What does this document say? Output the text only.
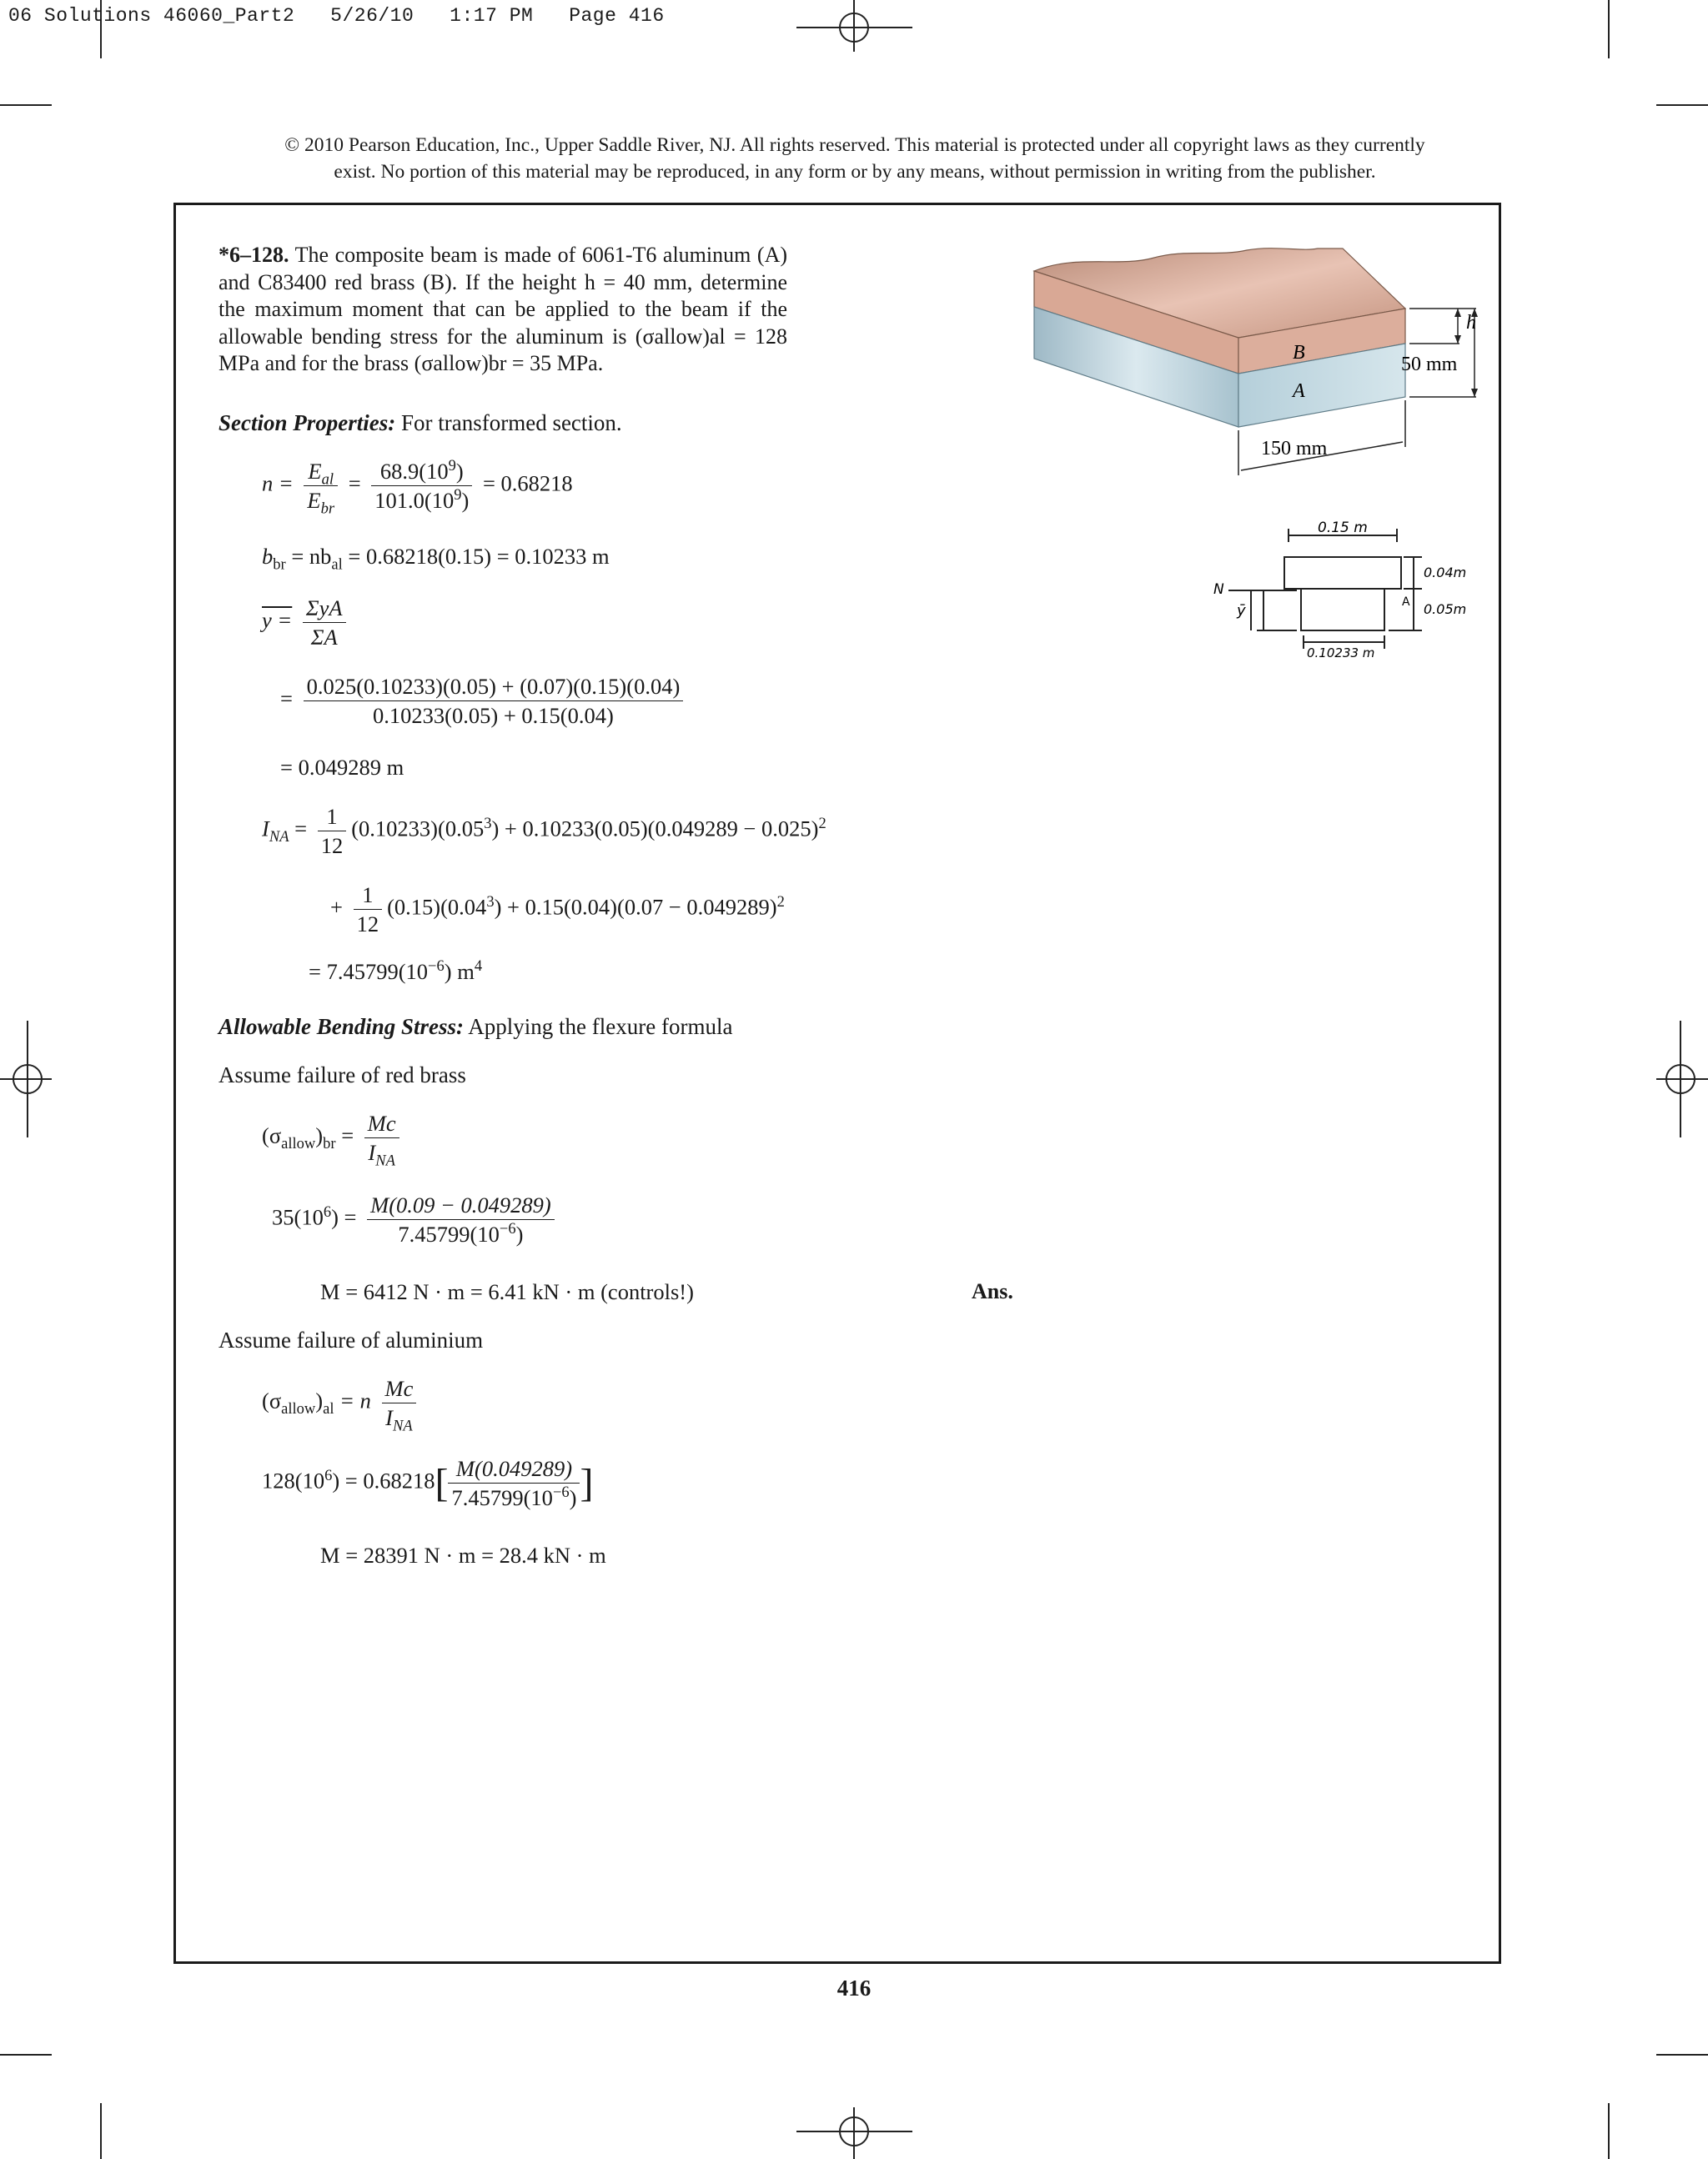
06 Solutions 46060_Part2   5/26/10   1:17 PM   Page 416
© 2010 Pearson Education, Inc., Upper Saddle River, NJ. All rights reserved. This material is protected under all copyright laws as they currently
exist. No portion of this material may be reproduced, in any form or by any means, without permission in writing from the publisher.
*6–128. The composite beam is made of 6061-T6 aluminum (A) and C83400 red brass (B). If the height h = 40 mm, determine the maximum moment that can be applied to the beam if the allowable bending stress for the aluminum is (σallow)al = 128 MPa and for the brass (σallow)br = 35 MPa.	B
A
h
50 mm
150 mm
0.15 m
0.04m
0.05m
0.10233 m
N
A
ȳ
Section Properties: For transformed section.
$n = \frac{E_{al}}{E_{br}} = \frac{68.9(10^9)}{101.0(10^9)} = 0.68218$
$b_{br} = nb_{al} = 0.68218(0.15) = 0.10233$ m
$y = \frac{\text{ΣyA}}{\Sigma A}$
= $\frac{0.025(0.10233)(0.05) + (0.07)(0.15)(0.04)}{0.10233(0.05) + 0.15(0.04)}$
= 0.049289 m
$I_{NA} = \frac{1}{12} (0.10233)(0.05^3) + 0.10233(0.05)(0.049289 - 0.025)^2$
+ $\frac{1}{12} (0.15)(0.04^3) + 0.15(0.04)(0.07 - 0.049289)^2$
= $7.45799(10^{-6})$ $m^4$
Allowable Bending Stress: Applying the flexure formula
Assume failure of red brass
$(\sigma_{allow})_{br} = \frac{Mc}{I_{NA}}$
$35(10^6) = \frac{M(0.09 - 0.049289)}{7.45799(10^{-6})}$
M = 6412 N · m = 6.41 kN · m (controls!)	Ans.
Assume failure of aluminium
$(\sigma_{allow})_{al} = n \frac{Mc}{I_{NA}}$
$128(10^6) = 0.68218[ \frac{M(0.049289)}{7.45799(10^{-6})}$ ]
M = 28391 N · m = 28.4 kN · m
416
